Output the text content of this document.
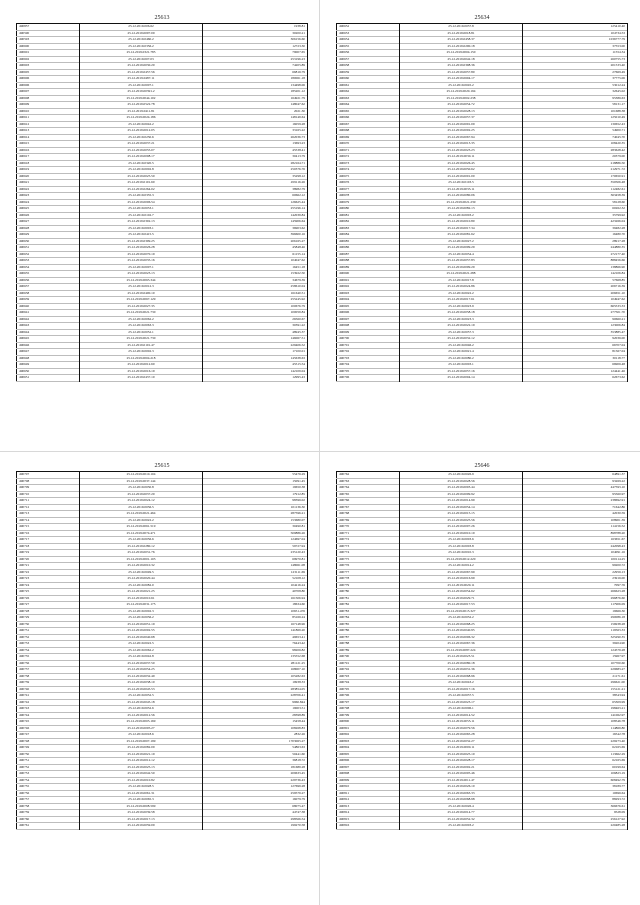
25613
490857	25.12.2019.006.62	1938.81
490590	25.12.2019.0097.09	30200.21
490593	25.12.2019.0460.2	306156.60
490600	25.12.2019.0356.2	12723.30
490601	25.12.2019.0321.785	79007.65
490602	25.12.2019.007.03	253196.23
490603	25.12.2019.0030.20	74205.89
490605	25.12.2019.0457.56	66816.79
490606	25.12.2019.0487.11	180061.18
490606	25.12.2019.0007.1	134498.06
490607	25.12.2019.00391.2	185201.12
490608	25.12.2019.0044.102	164921.79
490609	25.12.2019.0522.78	148047.62
490610	25.12.2019.0411.81	2021.30
490611	25.12.2019.0024.186	148149.64
490612	25.12.2019.0042.2	16059.28
490613	25.12.2019.0012.05	33165.22
490614	25.12.2019.0230.6	262036.73
490615	25.12.2019.0037.21	13693.23
490616	25.12.2019.0055.07	45538.41
490617	25.12.2019.0008.17	30413.79
490618	25.12.2019.0320.5	282164.71
490619	25.12.2019.0002.8	250376.76
490620	25.12.2019.0025.50	35298.12
490621	25.12.2019.0101.60	459116.26
490622	25.12.2019.0264.02	38982.79
490623	25.12.2019.0335.3	60662.12
490624	25.12.2019.0006.54	126625.44
490625	25.12.2019.0033.1	255196.14
490626	25.12.2019.0102.7	142039.84
490627	25.12.2019.0302.13	145906.64
490628	25.12.2019.0003.1	36903.62
490629	25.12.2019.0415.5	396600.16
490630	25.12.2019.0309.25	206165.27
490631	25.12.2019.0026.28	45848.46
490632	25.12.2019.0070.19	61155.14
490633	25.12.2019.0035.16	104047.62
490634	25.12.2019.0007.1	16451.18
490635	25.12.2019.0023.13	153922.50
490636	25.12.2019.0063.344	34679.39
490637	25.12.2019.0012.3	258610.04
490638	25.12.2019.0400.10	161640.51
490639	25.12.2019.0067.129	255245.92
490640	25.12.2019.0027.35	100676.79
490641	25.12.2019.0021.730	100059.84
490642	25.12.2019.0062.2	26560.67
490643	25.12.2019.0063.3	30391.22
490644	25.12.2019.0052.1	48945.37
490645	25.12.2019.0021.730	146067.51
490646	25.12.2019.0101.47	229406.52
490647	25.12.2019.0002.3	17100.01
490648	25.12.2019.0004.218	145638.63
490649	25.12.2019.0012.60	45515.54
490650	25.12.2019.0016.19	142109.04
490651	25.12.2019.0437.10	12995.43
25634
490652	25.12.2019.0037.8	125410.40
490653	25.12.2019.0018.81	104734.53
490654	25.12.2019.0458.37	1036777.79
490655	25.12.2019.0290.18	37553.00
490656	25.12.2019.0004.150	11554.34
490657	25.12.2019.0042.18	260755.73
490658	25.12.2019.0398.36	201533.40
490659	25.12.2019.0057.80	27669.49
490660	25.12.2019.0604.17	37775.06
490661	25.12.2019.0045.2	53012.24
490662	25.12.2019.0020.194	32645.02
490663	25.12.2019.0002.238	95386.63
490664	25.12.2019.0054.72	58131.17
490665	25.12.2019.0028.13	101688.38
490666	25.12.2019.0057.37	125010.49
490667	25.12.2019.0091.09	130652.43
490668	25.12.2019.0002.25	54900.71
490669	25.12.2019.0067.94	74045.70
490670	25.12.2019.0013.35	108420.35
490671	25.12.2019.0023.23	283628.42
490672	25.12.2019.0030.11	20379.00
490673	25.12.2019.0026.45	218886.50
490674	25.12.2019.0050.62	212971.72
490675	25.12.2019.0001.00	170650.91
490676	25.12.2019.0103.5	350506.48
490677	25.12.2019.0033.11	112482.61
490678	25.12.2019.0080.06	363458.39
490679	25.12.2019.0021.239	58128.60
490680	25.12.2019.0082.13	60262.32
490681	25.12.2019.0003.2	35799.92
490682	25.12.2019.0010.80	423266.04
490683	25.12.2019.0017.34	39482.28
490684	25.12.2019.0081.62	16480.70
490685	25.12.2019.0027.2	28917.28
490686	25.12.2019.0009.29	244880.35
490687	25.12.2019.0034.4	272177.40
490688	25.12.2019.0057.83	888456.66
490689	25.12.2019.0009.29	138866.90
490690	25.12.2019.0021.288	142106.84
490691	25.12.2019.0017.8	57668.85
490692	25.12.2019.0024.86	206716.39
490693	25.12.2019.0022.2	206651.10
490694	25.12.2019.0017.61	104947.62
490695	25.12.2019.0023.9	665533.33
490696	25.12.2019.0058.18	277501.70
490697	25.12.2019.0023.3	90660.21
490698	25.12.2019.0022.19	123006.84
490699	25.12.2019.0057.3	353885.47
490700	25.12.2019.0032.12	92036.00
490701	25.12.2019.0046.2	66707.04
490702	25.12.2019.0021.4	81567.04
490703	25.12.2019.0080.2	30118.77
490704	25.12.2019.0003.1	66906.48
490705	25.12.2019.0057.16	124441.46
490706	25.12.2019.0004.14	62673.62
25615
490707	25.12.2019.0010.104	55476.29
490708	25.12.2019.0037.144	15091.45
490709	25.12.2019.0030.8	19650.38
490710	25.12.2019.0037.20	17912.85
490711	25.12.2019.0024.12	98396.02
490712	25.12.2019.0036.5	101136.30
490713	25.12.2019.0021.464	287596.21
490714	25.12.2019.0022.2	153680.07
490715	25.12.2019.0061.519	30490.81
490716	25.12.2019.0074.471	509886.26
490717	25.12.2019.0056.6	124697.04
490718	25.12.2019.0280.12	59727.94
490719	25.12.2019.0031.76	235120.43
490720	25.12.2019.0001.103	69970.81
490721	25.12.2019.0010.32	148061.08
490722	25.12.2019.0049.5	123111.69
490723	25.12.2019.0020.44	52108.12
490724	25.12.2019.0082.0	104216.24
490725	25.12.2019.0021.25	40708.80
490726	25.12.2019.0010.61	161506.94
490727	25.12.2019.0031.175	18634.60
490728	25.12.2019.0002.3	10651.476
490729	25.12.2019.0036.2	85166.24
490730	25.12.2019.0051.19	167148.96
490731	25.12.2019.0002.55	141869.20
490732	25.12.2019.0040.68	49653.41
490733	25.12.2019.0022.5	76443.42
490734	25.12.2019.0062.2	98206.82
490735	25.12.2019.0042.8	135552.68
490736	25.12.2019.0037.50	281121.25
490737	25.12.2019.0054.25	168007.10
490738	25.12.2019.0032.49	105282.63
490739	25.12.2019.0038.10	19938.33
490740	25.12.2019.0045.53	283854.05
490741	25.12.2019.0032.5	228706.41
490742	25.12.2019.0045.18	9960.844
490743	25.12.2019.0032.6	19003.51
490744	25.12.2019.0012.56	28398.89
490745	25.12.2019.0003.169	15458.44
490746	25.12.2019.0005.27	108268.83
490747	25.12.2019.0018.6	2832.26
490748	25.12.2019.0007.199	1703065.27
490749	25.12.2019.0082.09	54863.63
490750	25.12.2019.0021.19	50441.60
490751	25.12.2019.0012.12	36818.72
490752	25.12.2019.0025.13	181689.28
490753	25.12.2019.0042.50	209633.45
490754	25.12.2019.0010.82	229736.43
490755	25.12.2019.0028.5	127699.28
490756	25.12.2019.0061.31	259579.27
490757	25.12.2019.0065.3	16079.79
490758	25.12.2019.0008.599	68075.47
490759	25.12.2019.0039.58	44747.38
490760	25.12.2019.0017.13	298566.54
490761	25.12.2019.0059.09	199270.58
25646
490762	25.12.2019.0026.9	64891.37
490763	25.12.2019.0028.56	93269.22
490764	25.12.2019.0003.44	447593.10
490765	25.12.2019.0009.92	95560.97
490766	25.12.2019.0014.99	238692.91
490767	25.12.2019.0054.14	71642.86
490768	25.12.2019.0015.15	42030.59
490769	25.12.2019.0025.56	108901.39
490770	25.12.2019.0007.26	114156.52
490771	25.12.2019.0010.19	898788.20
490772	25.12.2019.0003.6	163651.67
490773	25.12.2019.0003.8	242098.43
490774	25.12.2019.0010.3	104091.16
490775	25.12.2019.0012.220	100114.25
490776	25.12.2019.0014.2	99200.72
490777	25.12.2019.0067.99	22956.13
490778	25.12.2019.0016.99	23916.00
490779	25.12.2019.0020.11	7097.76
490780	25.12.2019.0054.62	266623.28
490781	25.12.2019.0029.71	296876.60
490782	25.12.2019.0017.53	117906.09
490783	25.12.2019.0015.327	19666.30
490784	25.12.2019.0032.2	290086.18
490785	25.12.2019.0068.25	156938.28
490786	25.12.2019.0040.95	119563.33
490787	25.12.2019.0006.32	325290.35
490788	25.12.2019.0067.36	39204.90
490789	25.12.2019.0087.224	124579.28
490790	25.12.2019.0023.51	15967.97
490791	25.12.2019.0080.18	107700.60
490792	25.12.2019.0031.36	229683.27
490793	25.12.2019.0068.96	21171.61
490794	25.12.2019.0043.2	296621.00
490795	25.12.2019.0017.16	155121.21
490796	25.12.2019.0037.5	38543.94
490797	25.12.2019.0023.17	65309.99
490798	25.12.2019.0006.1	198463.21
490799	25.12.2019.0014.52	141062.97
490800	25.12.2019.0055.11	108546.78
490801	25.12.2019.0079.56	114869.80
490802	25.12.2019.0065.28	16542.78
490803	25.12.2019.0032.27	229273.40
490804	25.12.2019.0000.11	62165.69
490805	25.12.2019.0025.10	113662.29
490806	25.12.2019.0028.17	62165.69
490807	25.12.2019.0002.21	60199.64
490808	25.12.2019.0005.46	106823.19
490809	25.12.2019.0011.47	608492.79
490810	25.12.2019.0026.10	38189.77
490811	25.12.2019.0063.33	10696.64
490812	25.12.2019.0068.98	88293.72
490813	25.12.2019.0026.4	366676.61
490814	25.12.2019.0014.77	9528.09
490815	25.12.2019.0052.32	256127.92
490816	25.12.2019.0003.2	220485.28
